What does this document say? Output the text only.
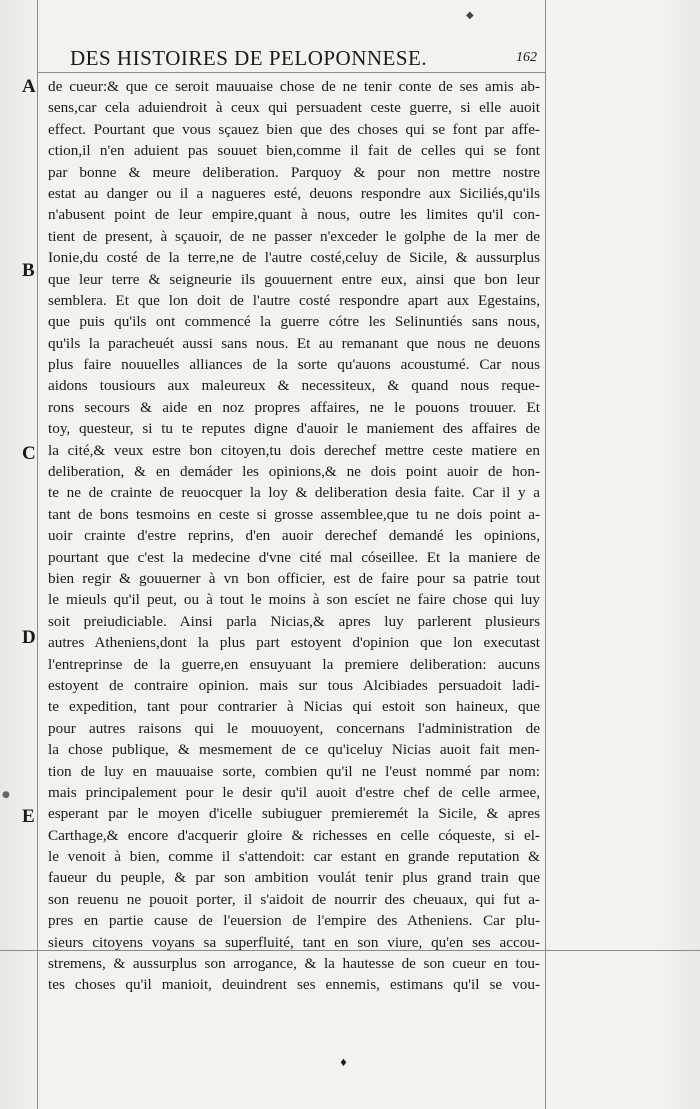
◆
●
DES HISTOIRES DE PELOPONNESE.	162
A
B
C
D
E
de cueur:& que ce seroit mauuaise chose de ne tenir conte de ses amis ab-
sens,car cela aduiendroit à ceux qui persuadent ceste guerre, si elle auoit
effect. Pourtant que vous sçauez bien que des choses qui se font par affe-
ction,il n'en aduient pas souuet bien,comme il fait de celles qui se font
par bonne & meure deliberation. Parquoy & pour non mettre nostre
estat au danger ou il a nagueres esté, deuons respondre aux Siciliés,qu'ils
n'abusent point de leur empire,quant à nous, outre les limites qu'il con-
tient de present, à sçauoir, de ne passer n'exceder le golphe de la mer de
Ionie,du costé de la terre,ne de l'autre costé,celuy de Sicile, & aussurplus
que leur terre & seigneurie ils gouuernent entre eux, ainsi que bon leur
semblera. Et que lon doit de l'autre costé respondre apart aux Egestains,
que puis qu'ils ont commencé la guerre cótre les Selinuntiés sans nous,
qu'ils la paracheuét aussi sans nous. Et au remanant que nous ne deuons
plus faire nouuelles alliances de la sorte qu'auons acoustumé. Car nous
aidons tousiours aux maleureux & necessiteux, & quand nous reque-
rons secours & aide en noz propres affaires, ne le pouons trouuer. Et
toy, questeur, si tu te reputes digne d'auoir le maniement des affaires de
la cité,& veux estre bon citoyen,tu dois derechef mettre ceste matiere en
deliberation, & en demáder les opinions,& ne dois point auoir de hon-
te ne de crainte de reuocquer la loy & deliberation desia faite. Car il y a
tant de bons tesmoins en ceste si grosse assemblee,que tu ne dois point a-
uoir crainte d'estre reprins, d'en auoir derechef demandé les opinions,
pourtant que c'est la medecine d'vne cité mal cóseillee. Et la maniere de
bien regir & gouuerner à vn bon officier, est de faire pour sa patrie tout
le mieuls qu'il peut, ou à tout le moins à son escíet ne faire chose qui luy
soit preiudiciable. Ainsi parla Nicias,& apres luy parlerent plusieurs
autres Atheniens,dont la plus part estoyent d'opinion que lon executast
l'entreprinse de la guerre,en ensuyuant la premiere deliberation: aucuns
estoyent de contraire opinion. mais sur tous Alcibiades persuadoit ladi-
te expedition, tant pour contrarier à Nicias qui estoit son haineux, que
pour autres raisons qui le mouuoyent, concernans l'administration de
la chose publique, & mesmement de ce qu'iceluy Nicias auoit fait men-
tion de luy en mauuaise sorte, combien qu'il ne l'eust nommé par nom:
mais principalement pour le desir qu'il auoit d'estre chef de celle armee,
esperant par le moyen d'icelle subiuguer premieremét la Sicile, & apres
Carthage,& encore d'acquerir gloire & richesses en celle cóqueste, si el-
le venoit à bien, comme il s'attendoit: car estant en grande reputation &
faueur du peuple, & par son ambition voulát tenir plus grand train que
son reuenu ne pouoit porter, il s'aidoit de nourrir des cheuaux, qui fut a-
pres en partie cause de l'euersion de l'empire des Atheniens. Car plu-
sieurs citoyens voyans sa superfluité, tant en son viure, qu'en ses accou-
stremens, & aussurplus son arrogance, & la hautesse de son cueur en tou-
tes choses qu'il manioit, deuindrent ses ennemis, estimans qu'il se vou-
♦
